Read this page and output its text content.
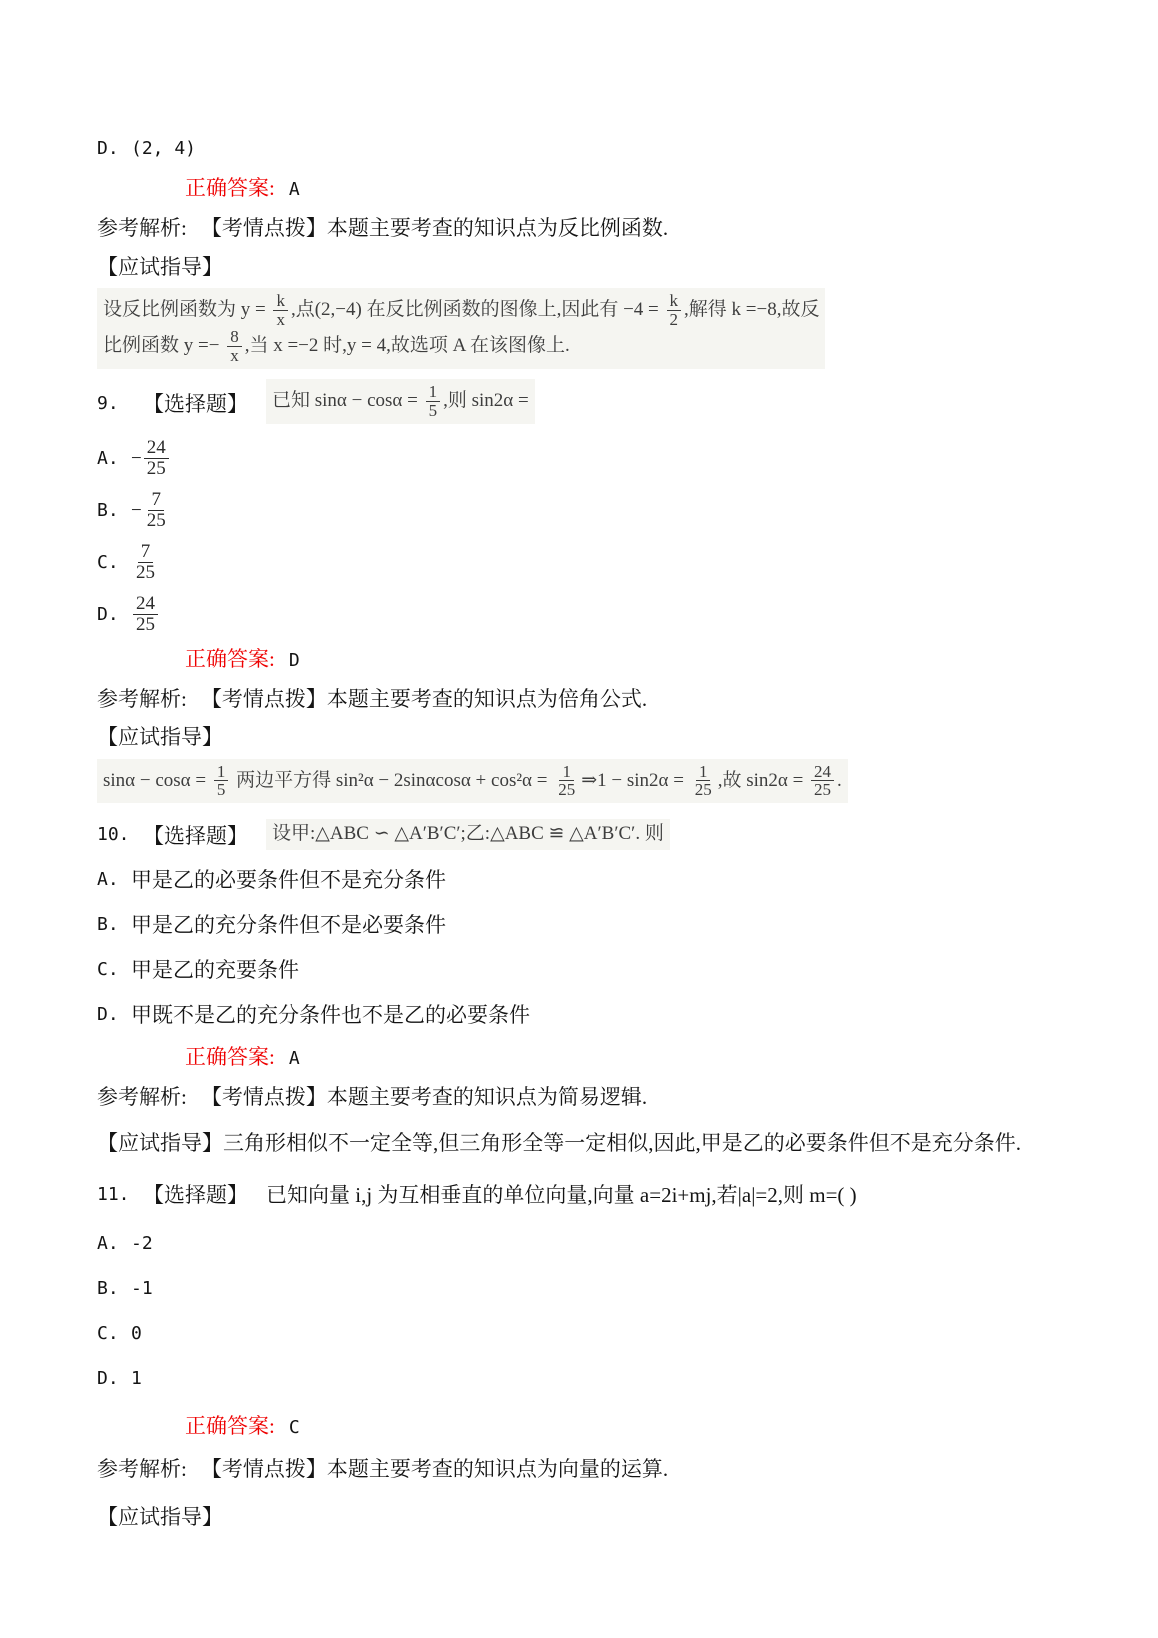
D. (2, 4)
正确答案: A
参考解析: 【考情点拨】本题主要考查的知识点为反比例函数.
【应试指导】
设反比例函数为 $y = \frac{k}{x}$ ,点(2,−4) 在反比例函数的图像上,因此有 $-4 = \frac{k}{2}$ ,解得 k =−8,故反
比例函数 $y =- \frac{8}{x}$ ,当 x =−2 时,y = 4,故选项 A 在该图像上.
9.	【选择题】 已知 $\sin\alpha - \cos\alpha = \frac{1}{5}$ ,则 sin2α =
A. − $\frac{24}{25}$
B. − $\frac{7}{25}$
C. $\frac{7}{25}$
D. $\frac{24}{25}$
正确答案: D
参考解析: 【考情点拨】本题主要考查的知识点为倍角公式.
【应试指导】
$\sin\alpha - \cos\alpha = \frac{1}{5}$ 两边平方得 $\sin^2\alpha - 2\sin\alpha\cos\alpha + \cos^2\alpha = \frac{1}{25}$ ⇒1 − $\sin 2\alpha = \frac{1}{25}$ ,故 $\sin 2\alpha = \frac{24}{25}$ .
10. 【选择题】	设甲:△ABC ∽ △A′B′C′;乙:△ABC ≌ △A′B′C′. 则
A. 甲是乙的必要条件但不是充分条件
B. 甲是乙的充分条件但不是必要条件
C. 甲是乙的充要条件
D. 甲既不是乙的充分条件也不是乙的必要条件
正确答案: A
参考解析: 【考情点拨】本题主要考查的知识点为简易逻辑.
【应试指导】三角形相似不一定全等,但三角形全等一定相似,因此,甲是乙的必要条件但不是充分条件.
11. 【选择题】 已知向量 i,j 为互相垂直的单位向量,向量 a=2i+mj,若|a|=2,则 m=( )
A. -2
B. -1
C. 0
D. 1
正确答案: C
参考解析: 【考情点拨】本题主要考查的知识点为向量的运算.
【应试指导】
